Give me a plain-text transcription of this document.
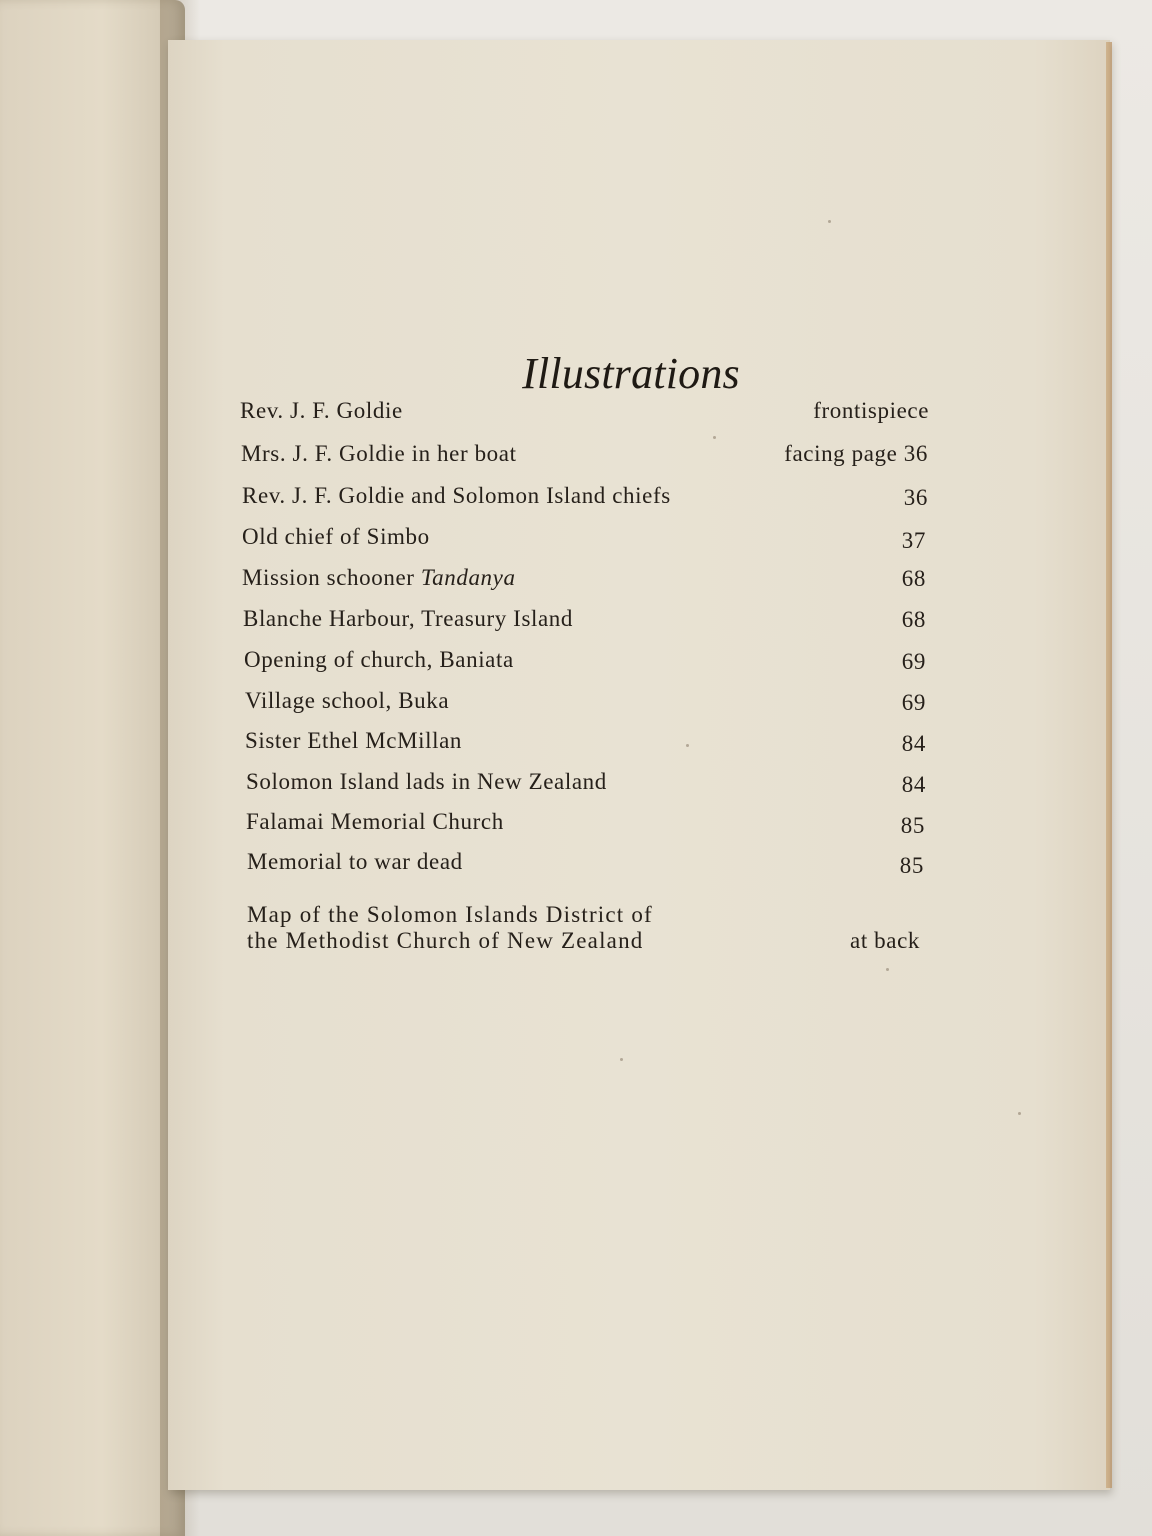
Illustrations
Rev. J. F. Goldie	frontispiece
Mrs. J. F. Goldie in her boat	facing page 36
Rev. J. F. Goldie and Solomon Island chiefs	36
Old chief of Simbo	37
Mission schooner Tandanya	68
Blanche Harbour, Treasury Island	68
Opening of church, Baniata	69
Village school, Buka	69
Sister Ethel McMillan	84
Solomon Island lads in New Zealand	84
Falamai Memorial Church	85
Memorial to war dead	85
Map of the Solomon Islands District of
the Methodist Church of New Zealand	at back
